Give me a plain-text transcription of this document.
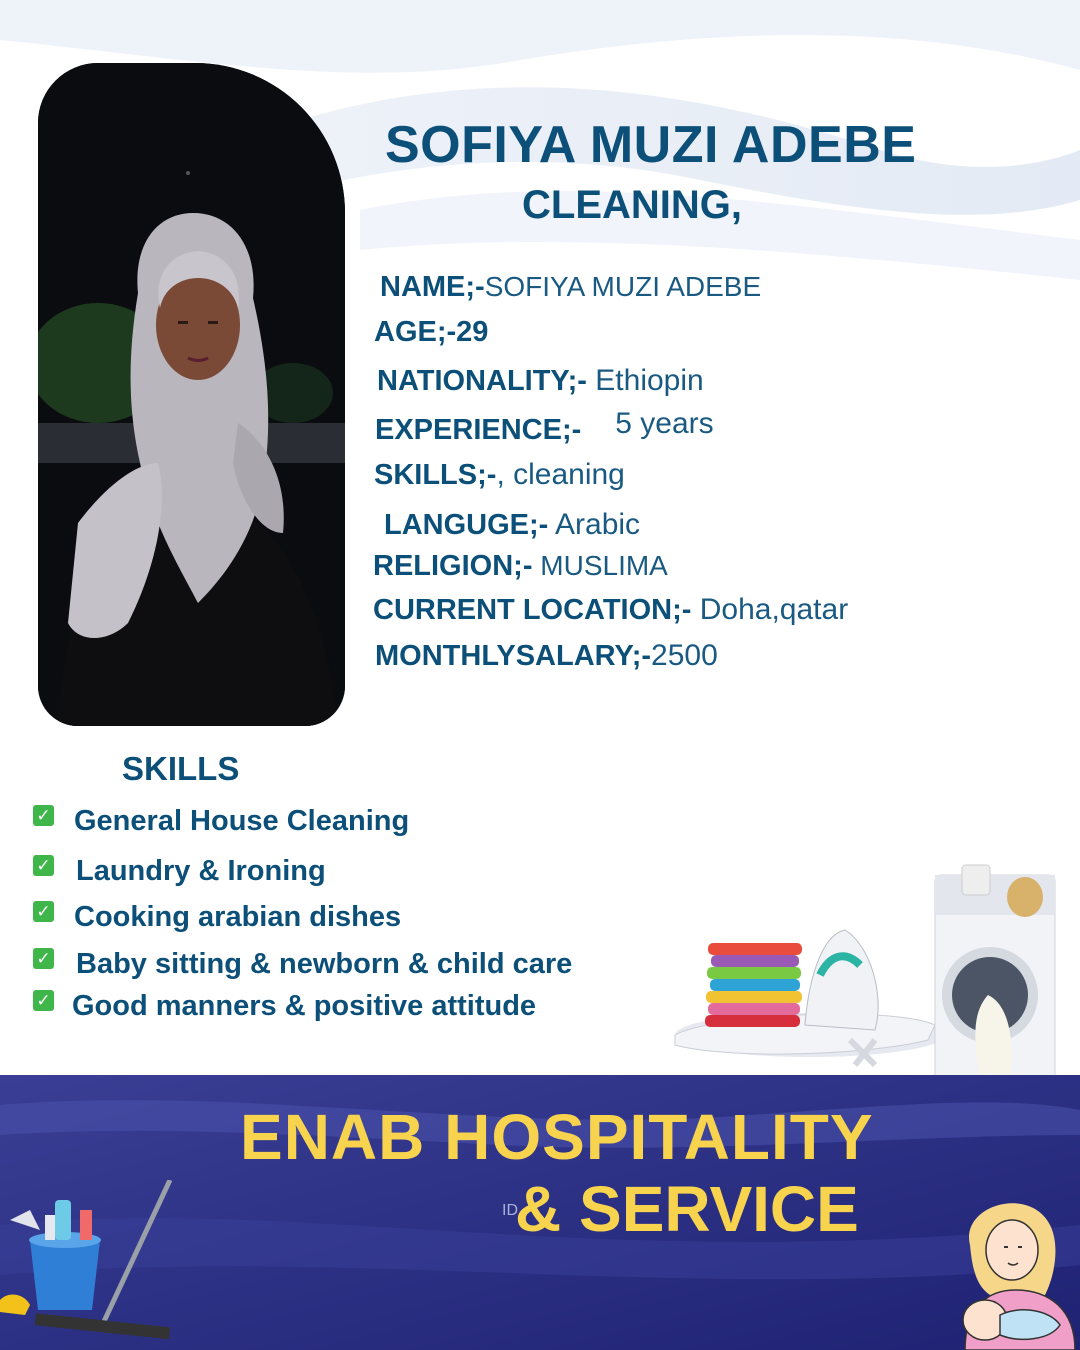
SOFIYA MUZI ADEBE
CLEANING,
NAME;-SOFIYA MUZI ADEBE
AGE;-29
NATIONALITY;- Ethiopin
EXPERIENCE;- 5 years
SKILLS;-, cleaning
LANGUGE;- Arabic
RELIGION;- MUSLIMA
CURRENT LOCATION;- Doha,qatar
MONTHLYSALARY;-2500
SKILLS
✓ General House Cleaning
✓ Laundry & Ironing
✓ Cooking arabian dishes
✓ Baby sitting & newborn & child care
✓ Good manners & positive attitude
ID
ENAB HOSPITALITY
& SERVICE
